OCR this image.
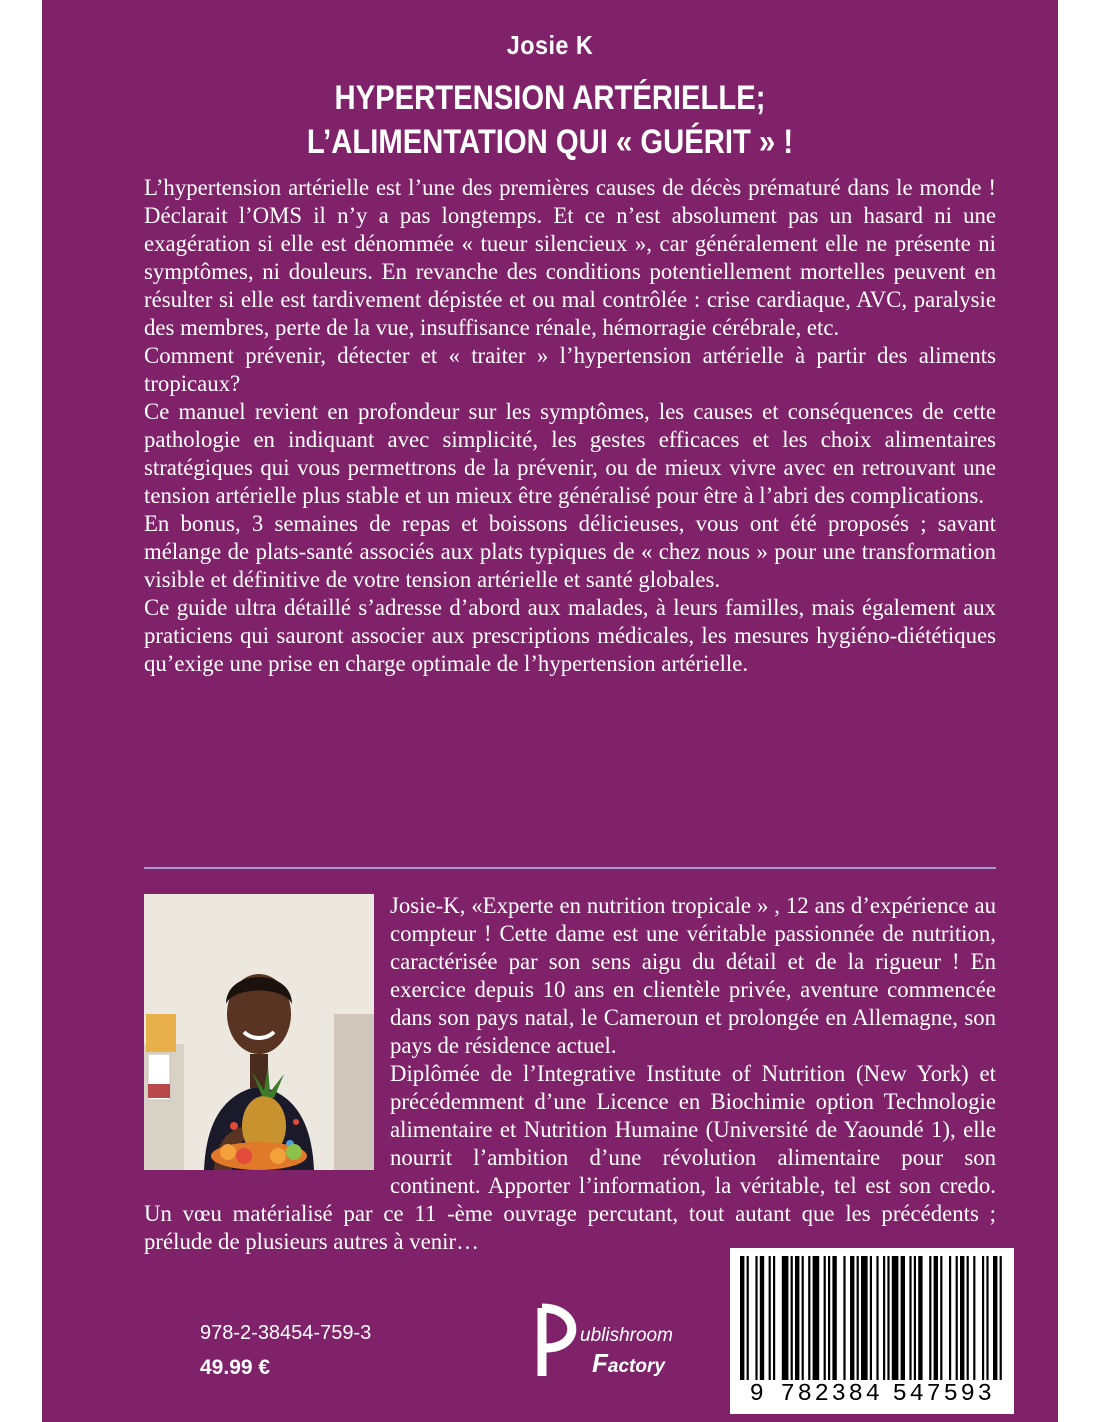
Josie K
HYPERTENSION ARTÉRIELLE;
L’ALIMENTATION QUI « GUÉRIT » !

L’hypertension artérielle est l’une des premières causes de décès prématuré dans le monde ! Déclarait l’OMS il n’y a pas longtemps. Et ce n’est absolument pas un hasard ni une exagération si elle est dénommée « tueur silencieux », car généralement elle ne présente ni symptômes, ni douleurs. En revanche des conditions potentiellement mortelles peuvent en résulter si elle est tardivement dépistée et ou mal contrôlée : crise cardiaque, AVC, paralysie des membres, perte de la vue, insuffisance rénale, hémorragie cérébrale, etc.

Comment prévenir, détecter et « traiter » l’hypertension artérielle à partir des aliments tropicaux?

Ce manuel revient en profondeur sur les symptômes, les causes et conséquences de cette pathologie en indiquant avec simplicité, les gestes efficaces et les choix alimentaires stratégiques qui vous permettrons de la prévenir, ou de mieux vivre avec en retrouvant une tension artérielle plus stable et un mieux être généralisé pour être à l’abri des complications.

En bonus, 3 semaines de repas et boissons délicieuses, vous ont été proposés ; savant mélange de plats-santé associés aux plats typiques de « chez nous » pour une transformation visible et définitive de votre tension artérielle et santé globales.

Ce guide ultra détaillé s’adresse d’abord aux malades, à leurs familles, mais également aux praticiens qui sauront associer aux prescriptions médicales, les mesures hygiéno-diététiques qu’exige une prise en charge optimale de l’hypertension artérielle.

Josie-K, «Experte en nutrition tropicale » , 12 ans d’expérience au compteur ! Cette dame est une véritable passionnée de nutrition, caractérisée par son sens aigu du détail et de la rigueur ! En exercice depuis 10 ans en clientèle privée, aventure commencée dans son pays natal, le Cameroun et prolongée en Allemagne, son pays de résidence actuel.

Diplômée de l’Integrative Institute of Nutrition (New York) et précédemment d’une Licence en Biochimie option Technologie alimentaire et Nutrition Humaine (Université de Yaoundé 1), elle nourrit l’ambition d’une révolution alimentaire pour son continent. Apporter l’information, la véritable, tel est son credo. Un vœu matérialisé par ce 11 -ème ouvrage percutant, tout autant que les précédents ; prélude de plusieurs autres à venir…

978-2-38454-759-3
49.99 €
ublishroom
Factory
9 782384 547593
